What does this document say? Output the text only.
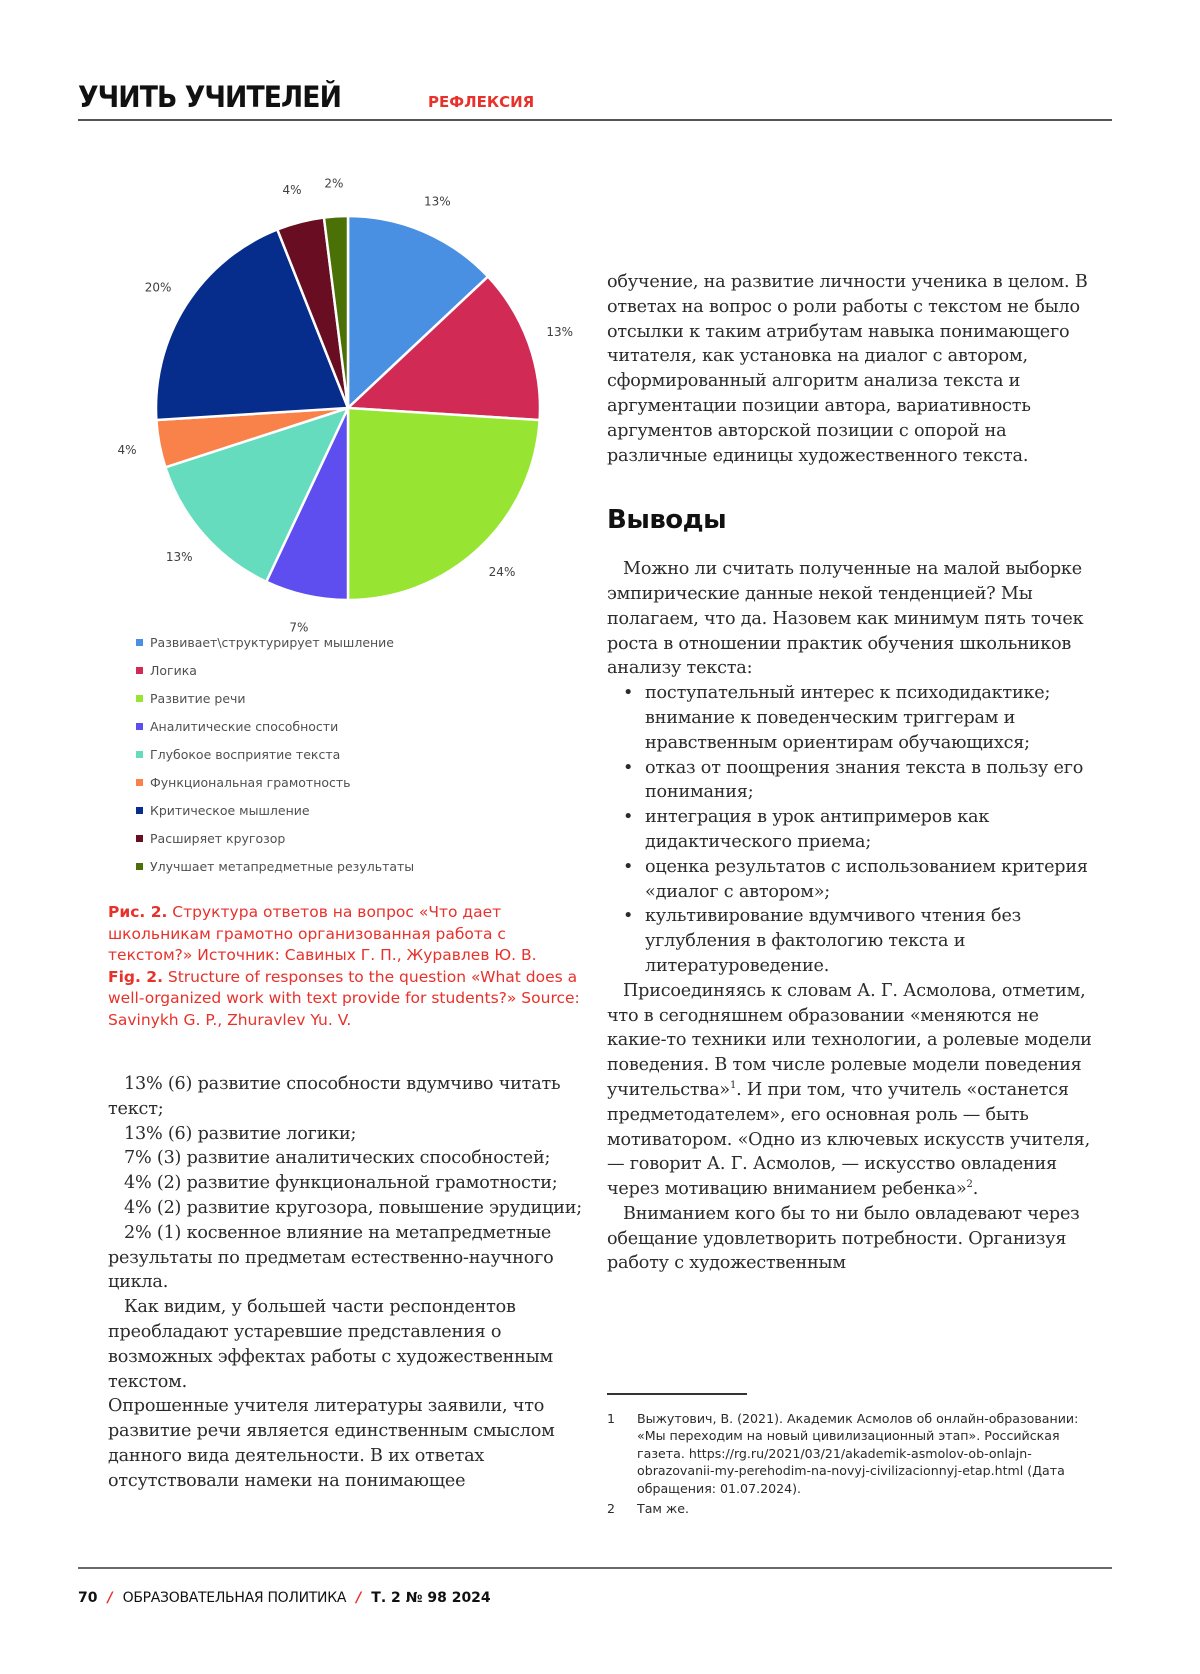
УЧИТЬ УЧИТЕЛЕЙ	РЕФЛЕКСИЯ
13%
13%
24%
7%
13%
4%
20%
4% 2%
Развивает\структурирует мышление
Логика
Развитие речи
Аналитические способности
Глубокое восприятие текста
Функциональная грамотность
Критическое мышление
Расширяет кругозор
Улучшает метапредметные результаты

Рис. 2. Структура ответов на вопрос «Что дает школьникам грамотно организованная работа с текстом?» Источник: Савиных Г. П., Журавлев Ю. В.

Fig. 2. Structure of responses to the question «What does a well-organized work with text provide for students?» Source: Savinykh G. P., Zhuravlev Yu. V.

13% (6) развитие способности вдумчиво читать текст;

13% (6) развитие логики;

7% (3) развитие аналитических способностей;

4% (2) развитие функциональной грамотности;

4% (2) развитие кругозора, повышение эрудиции;

2% (1) косвенное влияние на метапредметные результаты по предметам естественно-научного цикла.

Как видим, у большей части респондентов преобладают устаревшие представления о возможных эффектах работы с художественным текстом.

Опрошенные учителя литературы заявили, что развитие речи является единственным смыслом данного вида деятельности. В их ответах отсутствовали намеки на понимающее

обучение, на развитие личности ученика в целом. В ответах на вопрос о роли работы с текстом не было отсылки к таким атрибутам навыка понимающего читателя, как установка на диалог с автором, сформированный алгоритм анализа текста и аргументации позиции автора, вариативность аргументов авторской позиции с опорой на различные единицы художественного текста.

Выводы

Можно ли считать полученные на малой выборке эмпирические данные некой тенденцией? Мы полагаем, что да. Назовем как минимум пять точек роста в отношении практик обучения школьников анализу текста:

• поступательный интерес к психодидактике; внимание к поведенческим триггерам и нравственным ориентирам обучающихся;
• отказ от поощрения знания текста в пользу его понимания;
• интеграция в урок антипримеров как дидактического приема;
• оценка результатов с использованием критерия «диалог с автором»;
• культивирование вдумчивого чтения без углубления в фактологию текста и литературоведение.

Присоединяясь к словам А. Г. Асмолова, отметим, что в сегодняшнем образовании «меняются не какие-то техники или технологии, а ролевые модели поведения. В том числе ролевые модели поведения учительства»$^1$. И при том, что учитель «останется предметодателем», его основная роль — быть мотиватором. «Одно из ключевых искусств учителя, — говорит А. Г. Асмолов, — искусство овладения через мотивацию вниманием ребенка»$^2$.

Вниманием кого бы то ни было овладевают через обещание удовлетворить потребности. Организуя работу с художественным

1	Выжутович, В. (2021). Академик Асмолов об онлайн-образовании: «Мы переходим на новый цивилизационный этап». Российская газета. https://rg.ru/2021/03/21/akademik-asmolov-ob-onlajn-obrazovanii-my-perehodim-na-novyj-civilizacionnyj-etap.html (Дата обращения: 01.07.2024).
2	Там же.
70 / ОБРАЗОВАТЕЛЬНАЯ ПОЛИТИКА / Т. 2 № 98 2024
